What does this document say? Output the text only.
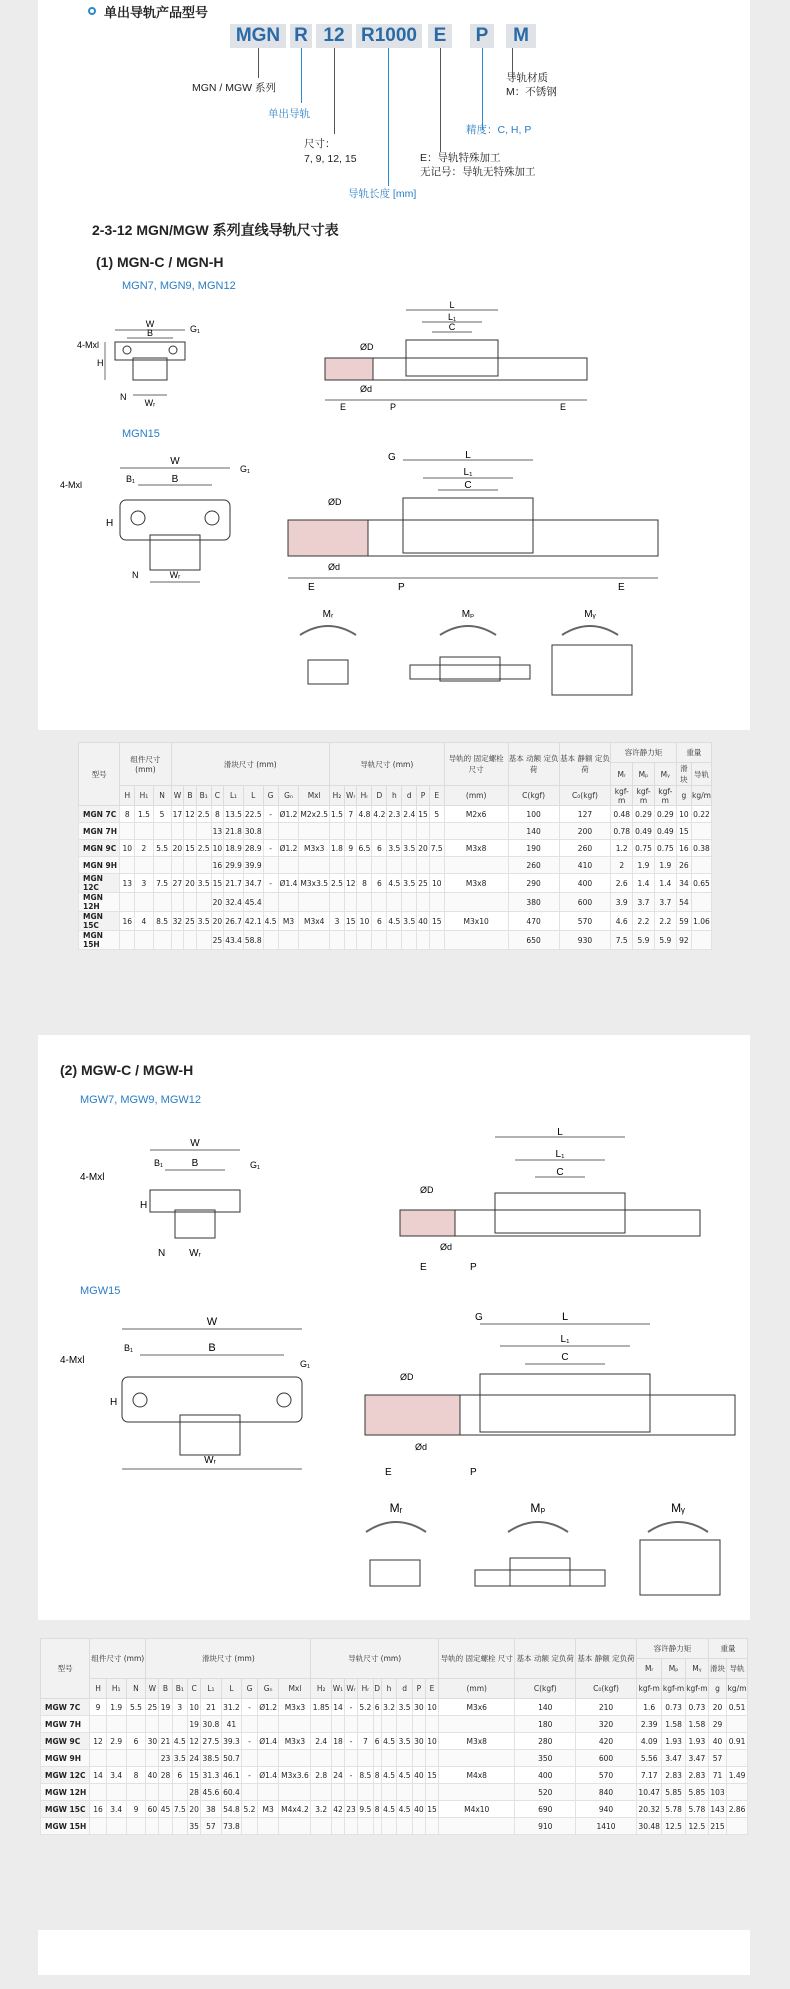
单出导轨产品型号
MGN R 12 R1000 E P	M
MGN / MGW 系列
单出导轨
尺寸：
7, 9, 12, 15
导轨长度 [mm]
E：导轨特殊加工
无记号：导轨无特殊加工
精度：C, H, P
导轨材质
M：不锈钢
2-3-12 MGN/MGW 系列直线导轨尺寸表
(1) MGN-C / MGN-H
MGN7, MGN9, MGN12
W
B	G₁
4-Mxl
H
N
Wᵣ
L
L₁
C
ØD
Ød
E	P	E
MGN15
W
B
B₁
G₁
4-Mxl
H
N	Wᵣ
L
L₁
C
G
ØD
Ød
E	P	E
Mᵣ	Mₚ	Mᵧ
型号	组件尺寸 (mm)			滑块尺寸 (mm)									导轨尺寸 (mm)								导轨的 固定螺栓 尺寸	基本 动额 定负荷	基本 静额 定负荷	容许静力矩			重量	
																								Mᵣ	Mₚ	Mᵧ	滑块	导轨
	H	H₁	N	W	B	B₁	C	L₁	L	G	Gₙ	Mxl	H₂	Wᵣ	Hᵣ	D	h	d	P	E	(mm)	C(kgf)	C₀(kgf)	kgf-m	kgf-m	kgf-m	g	kg/m
MGN 7C	8	1.5	5	17	12	2.5	8	13.5	22.5	-	Ø1.2	M2x2.5	1.5	7	4.8	4.2	2.3	2.4	15	5	M2x6	100	127	0.48	0.29	0.29	10	0.22
MGN 7H							13	21.8	30.8													140	200	0.78	0.49	0.49	15	
MGN 9C	10	2	5.5	20	15	2.5	10	18.9	28.9	-	Ø1.2	M3x3	1.8	9	6.5	6	3.5	3.5	20	7.5	M3x8	190	260	1.2	0.75	0.75	16	0.38
MGN 9H							16	29.9	39.9													260	410	2	1.9	1.9	26	
MGN 12C	13	3	7.5	27	20	3.5	15	21.7	34.7	-	Ø1.4	M3x3.5	2.5	12	8	6	4.5	3.5	25	10	M3x8	290	400	2.6	1.4	1.4	34	0.65
MGN 12H							20	32.4	45.4													380	600	3.9	3.7	3.7	54	
MGN 15C	16	4	8.5	32	25	3.5	20	26.7	42.1	4.5	M3	M3x4	3	15	10	6	4.5	3.5	40	15	M3x10	470	570	4.6	2.2	2.2	59	1.06
MGN 15H							25	43.4	58.8													650	930	7.5	5.9	5.9	92	
(2) MGW-C / MGW-H
MGW7, MGW9, MGW12
W
B
B₁	G₁
4-Mxl
H
N Wᵣ
L
L₁
C
ØD
Ød
E	P
MGW15
W
B
B₁
G₁
4-Mxl
H
Wᵣ
L
L₁
C
G
ØD
Ød
E	P
Mᵣ	Mₚ	Mᵧ
型号	组件尺寸 (mm)			滑块尺寸 (mm)									导轨尺寸 (mm)									导轨的 固定螺栓 尺寸	基本 动额 定负荷	基本 静额 定负荷	容许静力矩			重量	
																									Mᵣ	Mₚ	Mᵧ	滑块	导轨
	H	H₁	N	W	B	B₁	C	L₁	L	G	Gₙ	Mxl	H₂	W₁	Wᵣ	Hᵣ	D	h	d	P	E	(mm)	C(kgf)	C₀(kgf)	kgf-m	kgf-m	kgf-m	g	kg/m
MGW 7C	9	1.9	5.5	25	19	3	10	21	31.2	-	Ø1.2	M3x3	1.85	14	-	5.2	6	3.2	3.5	30	10	M3x6	140	210	1.6	0.73	0.73	20	0.51
MGW 7H							19	30.8	41														180	320	2.39	1.58	1.58	29	
MGW 9C	12	2.9	6	30	21	4.5	12	27.5	39.3	-	Ø1.4	M3x3	2.4	18	-	7	6	4.5	3.5	30	10	M3x8	280	420	4.09	1.93	1.93	40	0.91
MGW 9H					23	3.5	24	38.5	50.7														350	600	5.56	3.47	3.47	57	
MGW 12C	14	3.4	8	40	28	6	15	31.3	46.1	-	Ø1.4	M3x3.6	2.8	24	-	8.5	8	4.5	4.5	40	15	M4x8	400	570	7.17	2.83	2.83	71	1.49
MGW 12H							28	45.6	60.4														520	840	10.47	5.85	5.85	103	
MGW 15C	16	3.4	9	60	45	7.5	20	38	54.8	5.2	M3	M4x4.2	3.2	42	23	9.5	8	4.5	4.5	40	15	M4x10	690	940	20.32	5.78	5.78	143	2.86
MGW 15H							35	57	73.8														910	1410	30.48	12.5	12.5	215	
